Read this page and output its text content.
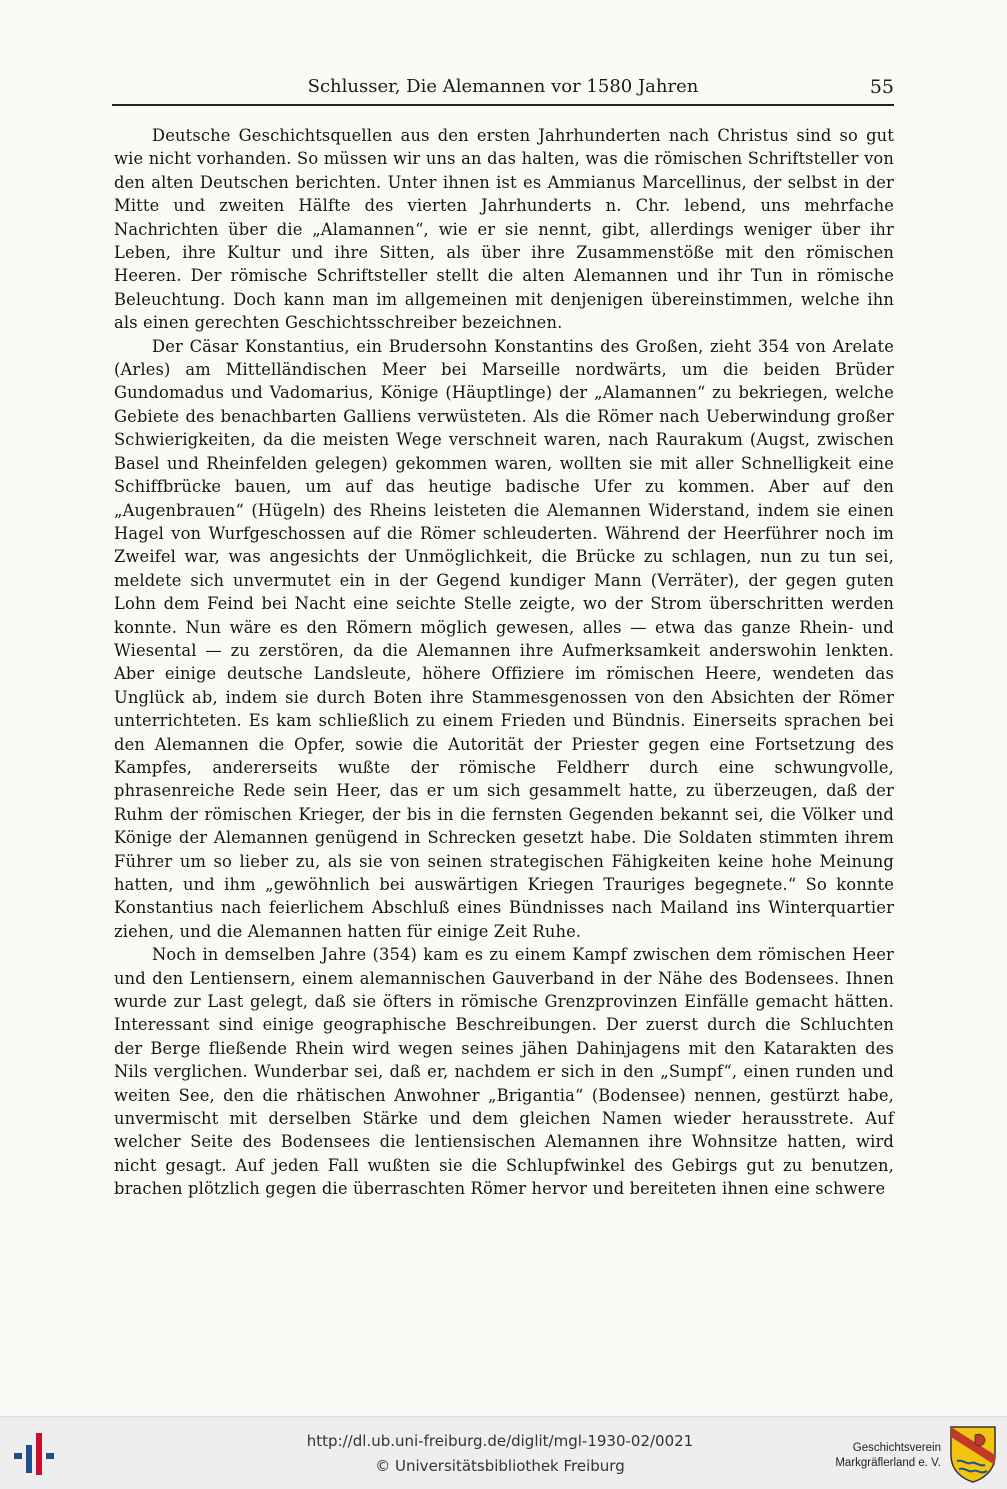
Schlusser, Die Alemannen vor 1580 Jahren	55

Deutsche Geschichtsquellen aus den ersten Jahrhunderten nach Christus sind so gut wie nicht vorhanden. So müssen wir uns an das halten, was die römischen Schriftsteller von den alten Deutschen berichten. Unter ihnen ist es Ammianus Marcellinus, der selbst in der Mitte und zweiten Hälfte des vierten Jahrhunderts n. Chr. lebend, uns mehrfache Nachrichten über die „Alamannen“, wie er sie nennt, gibt, allerdings weniger über ihr Leben, ihre Kultur und ihre Sitten, als über ihre Zusammenstöße mit den römischen Heeren. Der römische Schriftsteller stellt die alten Alemannen und ihr Tun in römische Beleuchtung. Doch kann man im allgemeinen mit denjenigen übereinstimmen, welche ihn als einen gerechten Geschichtsschreiber bezeichnen.

Der Cäsar Konstantius, ein Brudersohn Konstantins des Großen, zieht 354 von Arelate (Arles) am Mittelländischen Meer bei Marseille nordwärts, um die beiden Brüder Gundomadus und Vadomarius, Könige (Häuptlinge) der „Alamannen“ zu bekriegen, welche Gebiete des benachbarten Galliens verwüsteten. Als die Römer nach Ueberwindung großer Schwierigkeiten, da die meisten Wege verschneit waren, nach Raurakum (Augst, zwischen Basel und Rheinfelden gelegen) gekommen waren, wollten sie mit aller Schnelligkeit eine Schiffbrücke bauen, um auf das heutige badische Ufer zu kommen. Aber auf den „Augenbrauen“ (Hügeln) des Rheins leisteten die Alemannen Widerstand, indem sie einen Hagel von Wurfgeschossen auf die Römer schleuderten. Während der Heerführer noch im Zweifel war, was angesichts der Unmöglichkeit, die Brücke zu schlagen, nun zu tun sei, meldete sich unvermutet ein in der Gegend kundiger Mann (Verräter), der gegen guten Lohn dem Feind bei Nacht eine seichte Stelle zeigte, wo der Strom überschritten werden konnte. Nun wäre es den Römern möglich gewesen, alles — etwa das ganze Rhein- und Wiesental — zu zerstören, da die Alemannen ihre Aufmerksamkeit anderswohin lenkten. Aber einige deutsche Landsleute, höhere Offiziere im römischen Heere, wendeten das Unglück ab, indem sie durch Boten ihre Stammesgenossen von den Absichten der Römer unterrichteten. Es kam schließlich zu einem Frieden und Bündnis. Einerseits sprachen bei den Alemannen die Opfer, sowie die Autorität der Priester gegen eine Fortsetzung des Kampfes, andererseits wußte der römische Feldherr durch eine schwungvolle, phrasenreiche Rede sein Heer, das er um sich gesammelt hatte, zu überzeugen, daß der Ruhm der römischen Krieger, der bis in die fernsten Gegenden bekannt sei, die Völker und Könige der Alemannen genügend in Schrecken gesetzt habe. Die Soldaten stimmten ihrem Führer um so lieber zu, als sie von seinen strategischen Fähigkeiten keine hohe Meinung hatten, und ihm „gewöhnlich bei auswärtigen Kriegen Trauriges begegnete.“ So konnte Konstantius nach feierlichem Abschluß eines Bündnisses nach Mailand ins Winterquartier ziehen, und die Alemannen hatten für einige Zeit Ruhe.

Noch in demselben Jahre (354) kam es zu einem Kampf zwischen dem römischen Heer und den Lentiensern, einem alemannischen Gauverband in der Nähe des Bodensees. Ihnen wurde zur Last gelegt, daß sie öfters in römische Grenzprovinzen Einfälle gemacht hätten. Interessant sind einige geographische Beschreibungen. Der zuerst durch die Schluchten der Berge fließende Rhein wird wegen seines jähen Dahinjagens mit den Katarakten des Nils verglichen. Wunderbar sei, daß er, nachdem er sich in den „Sumpf“, einen runden und weiten See, den die rhätischen Anwohner „Brigantia“ (Bodensee) nennen, gestürzt habe, unvermischt mit derselben Stärke und dem gleichen Namen wieder herausstrete. Auf welcher Seite des Bodensees die lentiensischen Alemannen ihre Wohnsitze hatten, wird nicht gesagt. Auf jeden Fall wußten sie die Schlupfwinkel des Gebirgs gut zu benutzen, brachen plötzlich gegen die überraschten Römer hervor und bereiteten ihnen eine schwere

http://dl.ub.uni-freiburg.de/diglit/mgl-1930-02/0021
© Universitätsbibliothek Freiburg
Geschichtsverein
Markgräflerland e. V.
